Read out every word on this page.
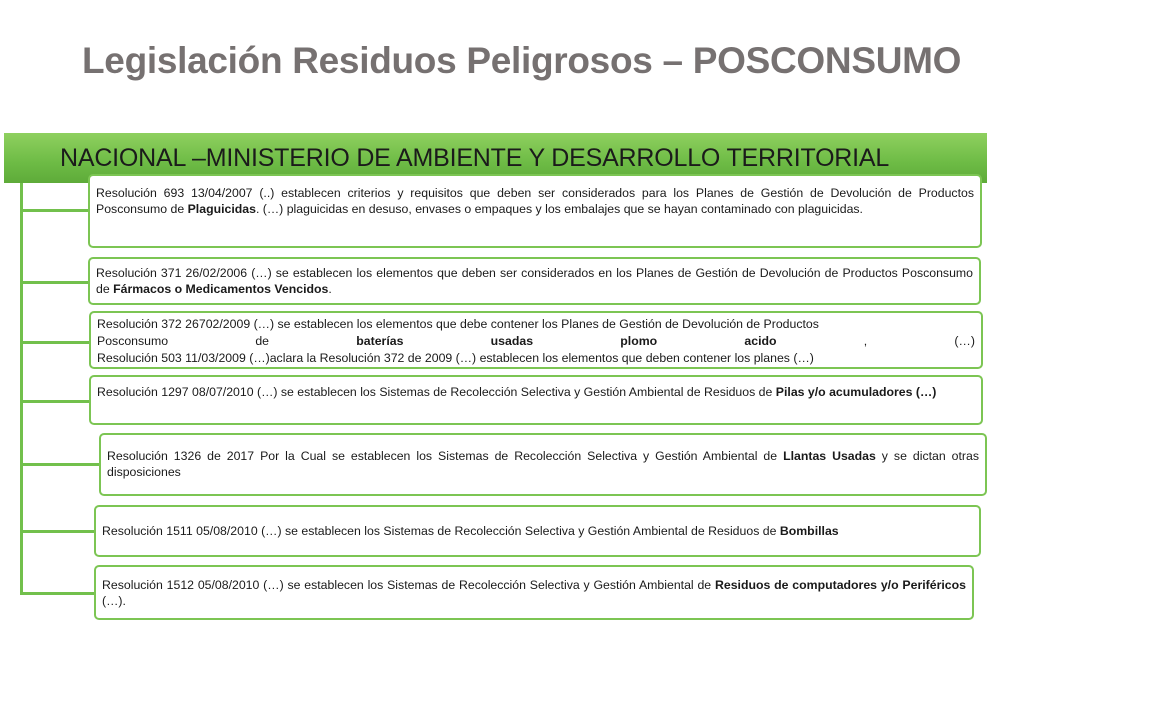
Legislación Residuos Peligrosos – POSCONSUMO
NACIONAL –MINISTERIO DE AMBIENTE Y DESARROLLO TERRITORIAL
Resolución 693 13/04/2007 (..) establecen criterios y requisitos que deben ser considerados para los Planes de Gestión de Devolución de Productos Posconsumo de Plaguicidas. (…) plaguicidas en desuso, envases o empaques y los embalajes que se hayan contaminado con plaguicidas.
Resolución 371 26/02/2006 (…) se establecen los elementos que deben ser considerados en los Planes de Gestión de Devolución de Productos Posconsumo de Fármacos o Medicamentos Vencidos.
Resolución 372 26702/2009 (…) se establecen los elementos que debe contener los Planes de Gestión de Devolución de Productos
Posconsumo	de	baterías	usadas	plomo	acido	,	(…)
Resolución 503 11/03/2009 (…)aclara la Resolución 372 de 2009 (…) establecen los elementos que deben contener los planes (…)
Resolución 1297 08/07/2010 (…) se establecen los Sistemas de Recolección Selectiva y Gestión Ambiental de Residuos de Pilas y/o acumuladores (…)
Resolución 1326 de 2017 Por la Cual se establecen los Sistemas de Recolección Selectiva y Gestión Ambiental de Llantas Usadas y se dictan otras disposiciones
Resolución 1511 05/08/2010 (…) se establecen los Sistemas de Recolección Selectiva y Gestión Ambiental de Residuos de Bombillas
Resolución 1512 05/08/2010 (…) se establecen los Sistemas de Recolección Selectiva y Gestión Ambiental de Residuos de computadores y/o Periféricos (…).
